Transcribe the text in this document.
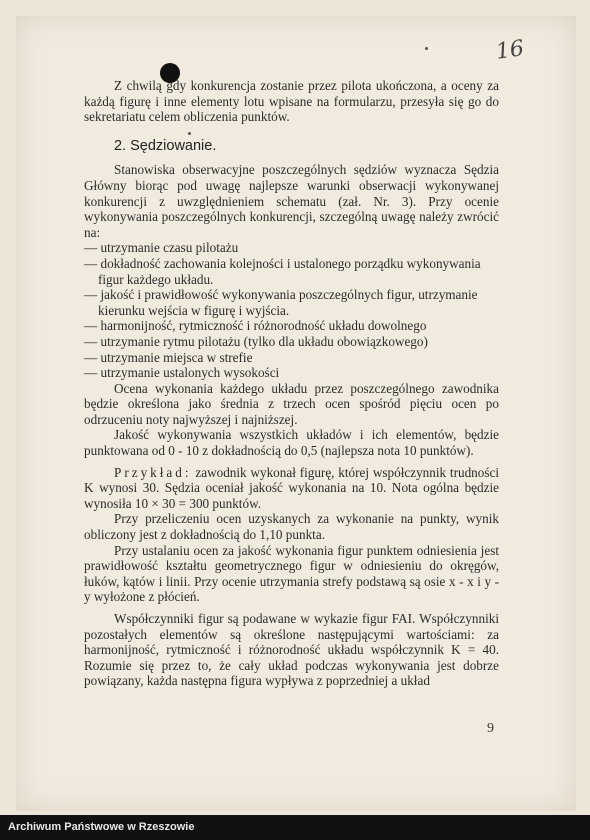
16

Z chwilą gdy konkurencja zostanie przez pilota ukończona, a oceny za każdą figurę i inne elementy lotu wpisane na formularzu, przesyła się go do sekretariatu celem obliczenia punktów.

2. Sędziowanie.

Stanowiska obserwacyjne poszczególnych sędziów wyznacza Sędzia Główny biorąc pod uwagę najlepsze warunki obserwacji wykonywanej konkurencji z uwzględnieniem schematu (zał. Nr. 3). Przy ocenie wykonywania poszczególnych konkurencji, szczególną uwagę należy zwrócić na:

— utrzymanie czasu pilotażu
— dokładność zachowania kolejności i ustalonego porządku wykonywania figur każdego układu.
— jakość i prawidłowość wykonywania poszczególnych figur, utrzymanie kierunku wejścia w figurę i wyjścia.
— harmonijność, rytmiczność i różnorodność układu dowolnego
— utrzymanie rytmu pilotażu (tylko dla układu obowiązkowego)
— utrzymanie miejsca w strefie
— utrzymanie ustalonych wysokości

Ocena wykonania każdego układu przez poszczególnego zawodnika będzie określona jako średnia z trzech ocen spośród pięciu ocen po odrzuceniu noty najwyższej i najniższej.

Jakość wykonywania wszystkich układów i ich elementów, będzie punktowana od 0 - 10 z dokładnością do 0,5 (najlepsza nota 10 punktów).

Przykład: zawodnik wykonał figurę, której współczynnik trudności K wynosi 30. Sędzia oceniał jakość wykonania na 10. Nota ogólna będzie wynosiła 10 × 30 = 300 punktów.

Przy przeliczeniu ocen uzyskanych za wykonanie na punkty, wynik obliczony jest z dokładnością do 1,10 punkta.

Przy ustalaniu ocen za jakość wykonania figur punktem odniesienia jest prawidłowość kształtu geometrycznego figur w odniesieniu do okręgów, łuków, kątów i linii. Przy ocenie utrzymania strefy podstawą są osie x - x i y - y wyłożone z płócień.

Współczynniki figur są podawane w wykazie figur FAI. Współczynniki pozostałych elementów są określone następującymi wartościami: za harmonijność, rytmiczność i różnorodność układu współczynnik K = 40. Rozumie się przez to, że cały układ podczas wykonywania jest dobrze powiązany, każda następna figura wypływa z poprzedniej a układ

9
Archiwum Państwowe w Rzeszowie
